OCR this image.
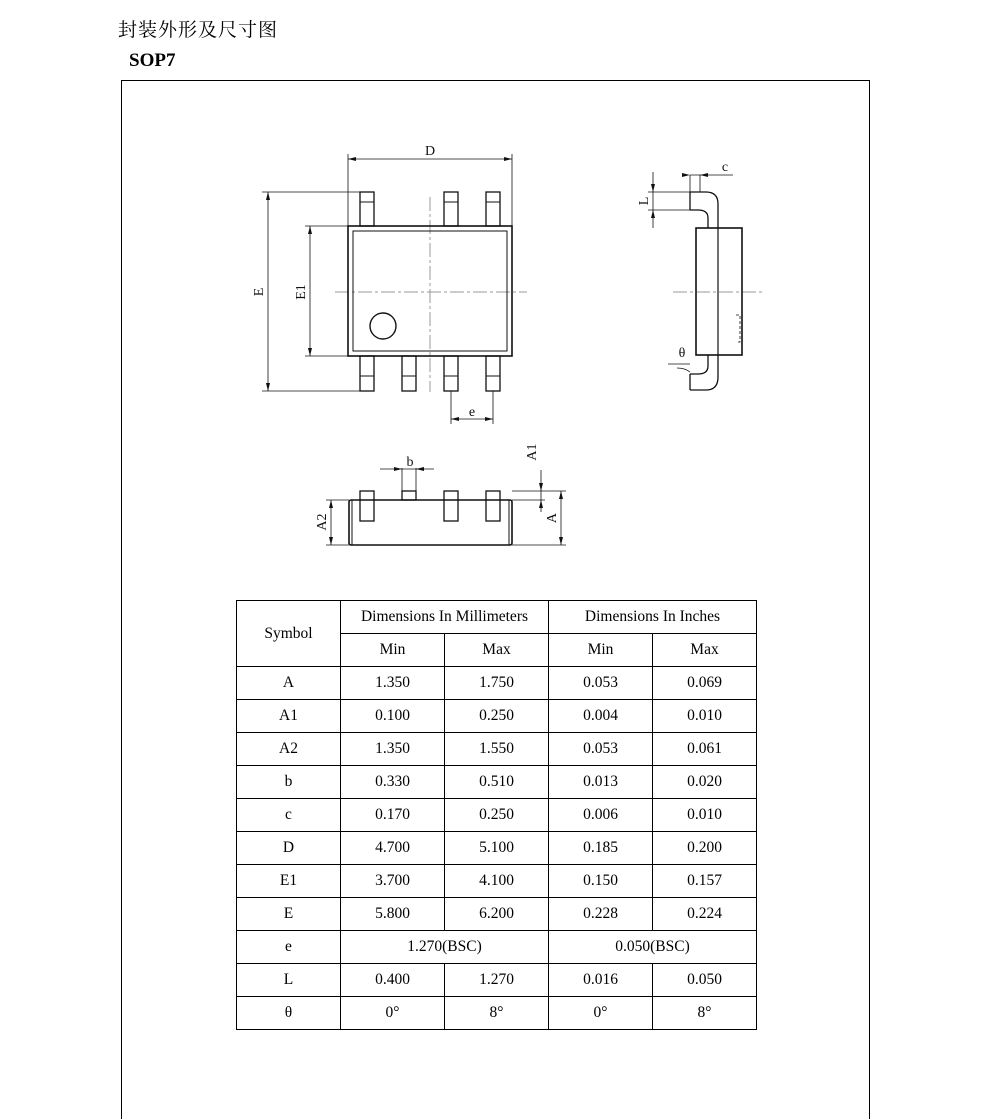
封装外形及尺寸图
SOP7
D
E E1
e
c
L
θ
b
A1
A2	A
Symbol	Dimensions In Millimeters		Dimensions In Inches	
	Min	Max	Min	Max
A	1.350	1.750	0.053	0.069
A1	0.100	0.250	0.004	0.010
A2	1.350	1.550	0.053	0.061
b	0.330	0.510	0.013	0.020
c	0.170	0.250	0.006	0.010
D	4.700	5.100	0.185	0.200
E1	3.700	4.100	0.150	0.157
E	5.800	6.200	0.228	0.224
e	1.270(BSC)		0.050(BSC)	
L	0.400	1.270	0.016	0.050
θ	0°	8°	0°	8°
